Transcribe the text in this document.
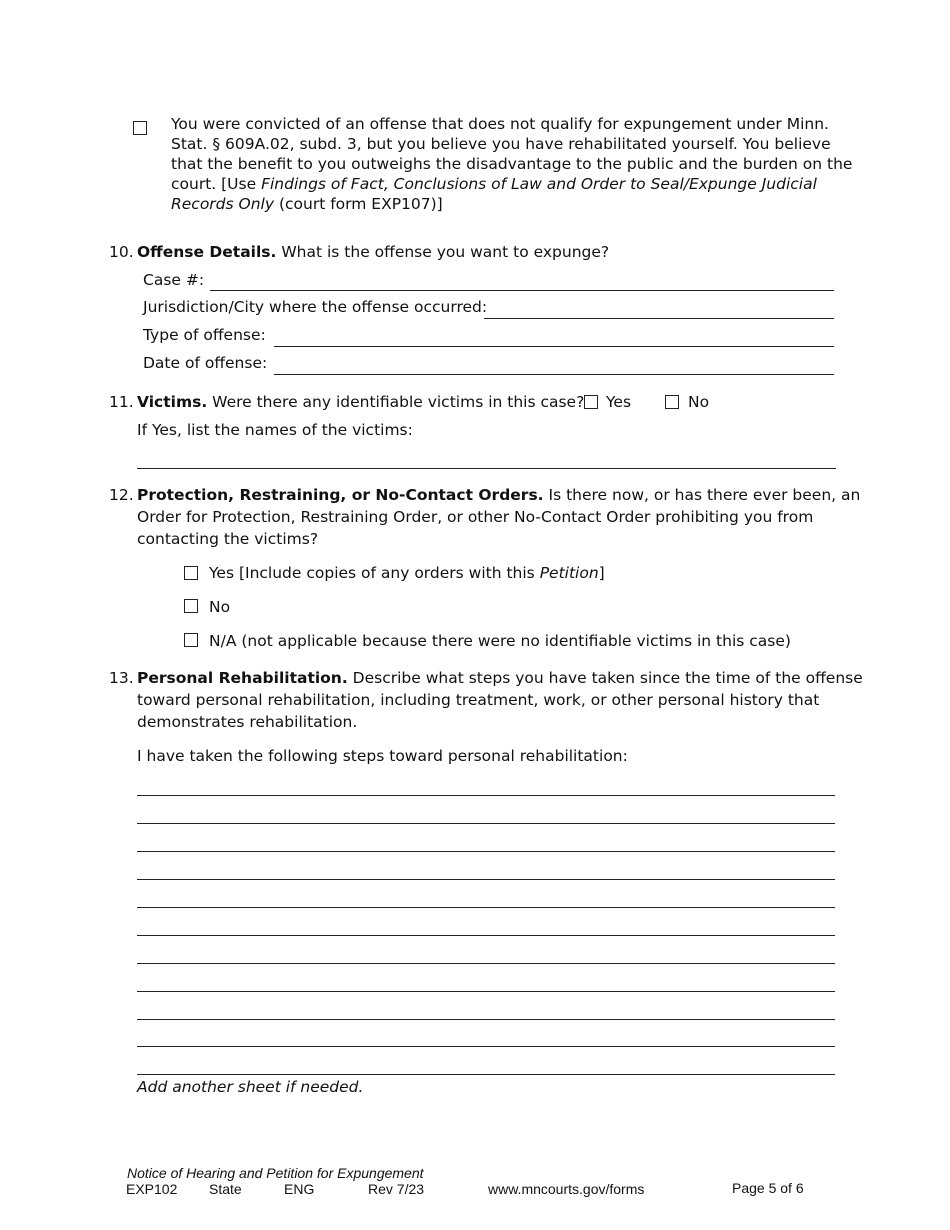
You were convicted of an offense that does not qualify for expungement under Minn.
Stat. § 609A.02, subd. 3, but you believe you have rehabilitated yourself. You believe
that the benefit to you outweighs the disadvantage to the public and the burden on the
court. [Use Findings of Fact, Conclusions of Law and Order to Seal/Expunge Judicial
Records Only (court form EXP107)]
10. Offense Details. What is the offense you want to expunge?
Case #:
Jurisdiction/City where the offense occurred:
Type of offense:
Date of offense:
11. Victims. Were there any identifiable victims in this case? Yes	No
If Yes, list the names of the victims:
12. Protection, Restraining, or No-Contact Orders. Is there now, or has there ever been, an
Order for Protection, Restraining Order, or other No-Contact Order prohibiting you from
contacting the victims?
Yes [Include copies of any orders with this Petition]
No
N/A (not applicable because there were no identifiable victims in this case)
13. Personal Rehabilitation. Describe what steps you have taken since the time of the offense
toward personal rehabilitation, including treatment, work, or other personal history that
demonstrates rehabilitation.
I have taken the following steps toward personal rehabilitation:
Add another sheet if needed.
Notice of Hearing and Petition for Expungement
EXP102 State	ENG	Rev 7/23	www.mncourts.gov/forms	Page 5 of 6
